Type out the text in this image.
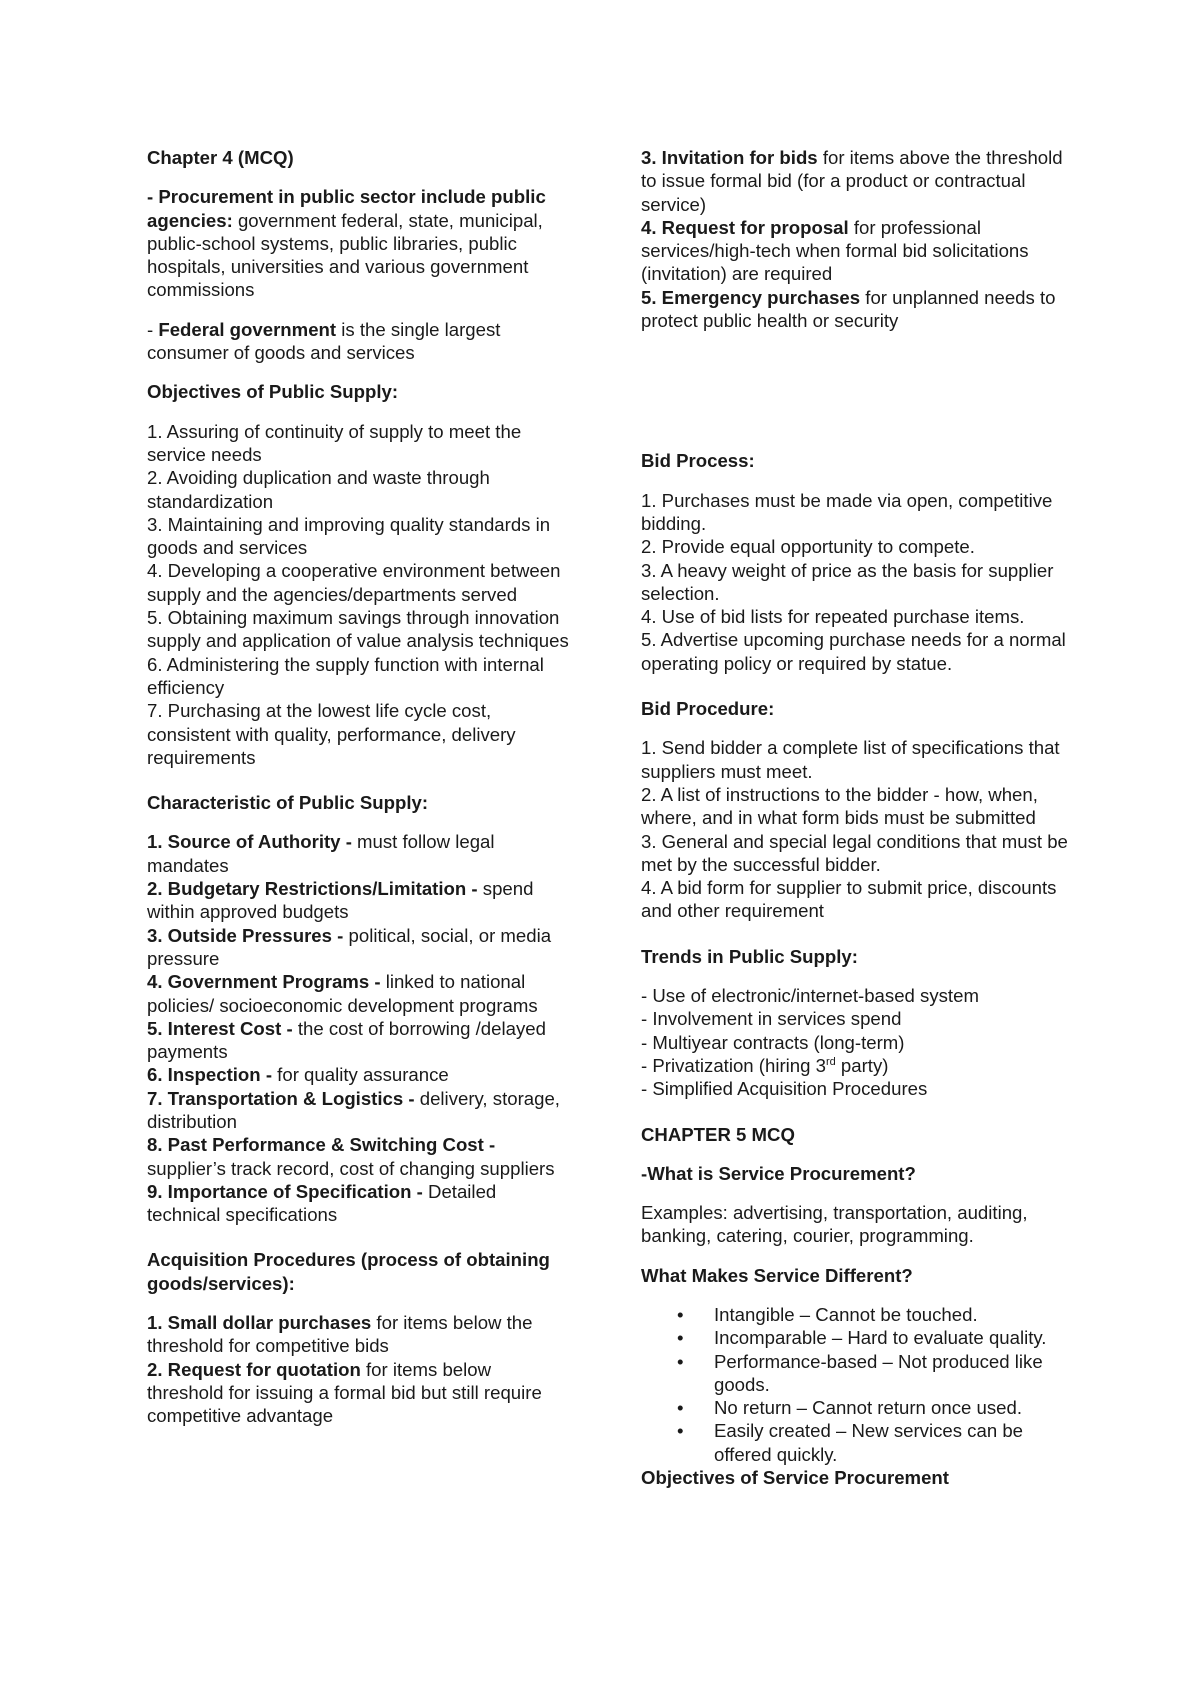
Chapter 4 (MCQ)

- Procurement in public sector include public agencies: government federal, state, municipal, public-school systems, public libraries, public hospitals, universities and various government commissions

- Federal government is the single largest consumer of goods and services

Objectives of Public Supply:

1. Assuring of continuity of supply to meet the service needs

2. Avoiding duplication and waste through standardization

3. Maintaining and improving quality standards in goods and services

4. Developing a cooperative environment between supply and the agencies/departments served

5. Obtaining maximum savings through innovation supply and application of value analysis techniques

6. Administering the supply function with internal efficiency

7. Purchasing at the lowest life cycle cost, consistent with quality, performance, delivery requirements

Characteristic of Public Supply:

1. Source of Authority - must follow legal mandates

2. Budgetary Restrictions/Limitation - spend within approved budgets

3. Outside Pressures - political, social, or media pressure

4. Government Programs - linked to national policies/ socioeconomic development programs

5. Interest Cost - the cost of borrowing /delayed payments

6. Inspection - for quality assurance

7. Transportation & Logistics - delivery, storage, distribution

8. Past Performance & Switching Cost - supplier’s track record, cost of changing suppliers

9. Importance of Specification - Detailed technical specifications

Acquisition Procedures (process of obtaining goods/services):

1. Small dollar purchases for items below the threshold for competitive bids

2. Request for quotation for items below threshold for issuing a formal bid but still require competitive advantage

3. Invitation for bids for items above the threshold to issue formal bid (for a product or contractual service)

4. Request for proposal for professional services/high-tech when formal bid solicitations (invitation) are required

5. Emergency purchases for unplanned needs to protect public health or security

Bid Process:

1. Purchases must be made via open, competitive bidding.

2. Provide equal opportunity to compete.

3. A heavy weight of price as the basis for supplier selection.

4. Use of bid lists for repeated purchase items.

5. Advertise upcoming purchase needs for a normal operating policy or required by statue.

Bid Procedure:

1. Send bidder a complete list of specifications that suppliers must meet.

2. A list of instructions to the bidder - how, when, where, and in what form bids must be submitted

3. General and special legal conditions that must be met by the successful bidder.

4. A bid form for supplier to submit price, discounts and other requirement

Trends in Public Supply:

- Use of electronic/internet-based system

- Involvement in services spend

- Multiyear contracts (long-term)

- Privatization (hiring 3rd party)

- Simplified Acquisition Procedures

CHAPTER 5 MCQ

-What is Service Procurement?

Examples: advertising, transportation, auditing, banking, catering, courier, programming.

What Makes Service Different?

• Intangible – Cannot be touched.
• Incomparable – Hard to evaluate quality.
• Performance-based – Not produced like goods.
• No return – Cannot return once used.
• Easily created – New services can be offered quickly.

Objectives of Service Procurement
